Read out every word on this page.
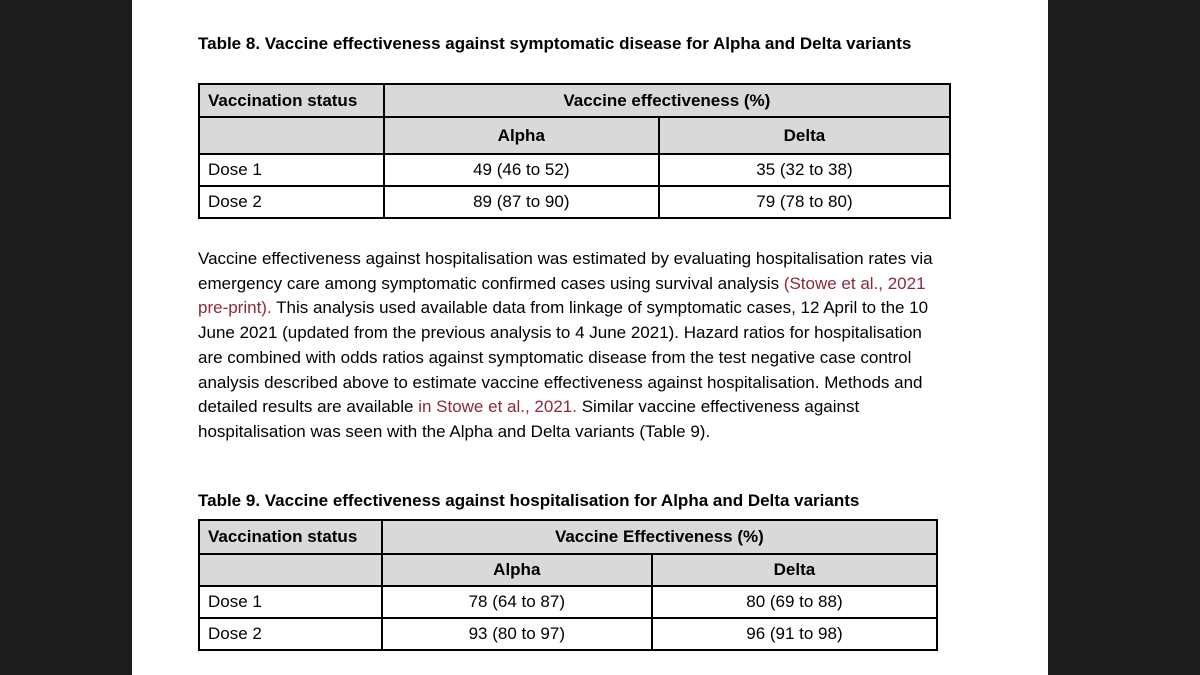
Table 8. Vaccine effectiveness against symptomatic disease for Alpha and Delta variants
Vaccination status	Vaccine effectiveness (%)	
	Alpha	Delta
Dose 1	49 (46 to 52)	35 (32 to 38)
Dose 2	89 (87 to 90)	79 (78 to 80)
Vaccine effectiveness against hospitalisation was estimated by evaluating hospitalisation rates via emergency care among symptomatic confirmed cases using survival analysis (Stowe et al., 2021 pre-print). This analysis used available data from linkage of symptomatic cases, 12 April to the 10 June 2021 (updated from the previous analysis to 4 June 2021). Hazard ratios for hospitalisation are combined with odds ratios against symptomatic disease from the test negative case control analysis described above to estimate vaccine effectiveness against hospitalisation. Methods and detailed results are available in Stowe et al., 2021. Similar vaccine effectiveness against hospitalisation was seen with the Alpha and Delta variants (Table 9).
Table 9. Vaccine effectiveness against hospitalisation for Alpha and Delta variants
Vaccination status	Vaccine Effectiveness (%)	
	Alpha	Delta
Dose 1	78 (64 to 87)	80 (69 to 88)
Dose 2	93 (80 to 97)	96 (91 to 98)
